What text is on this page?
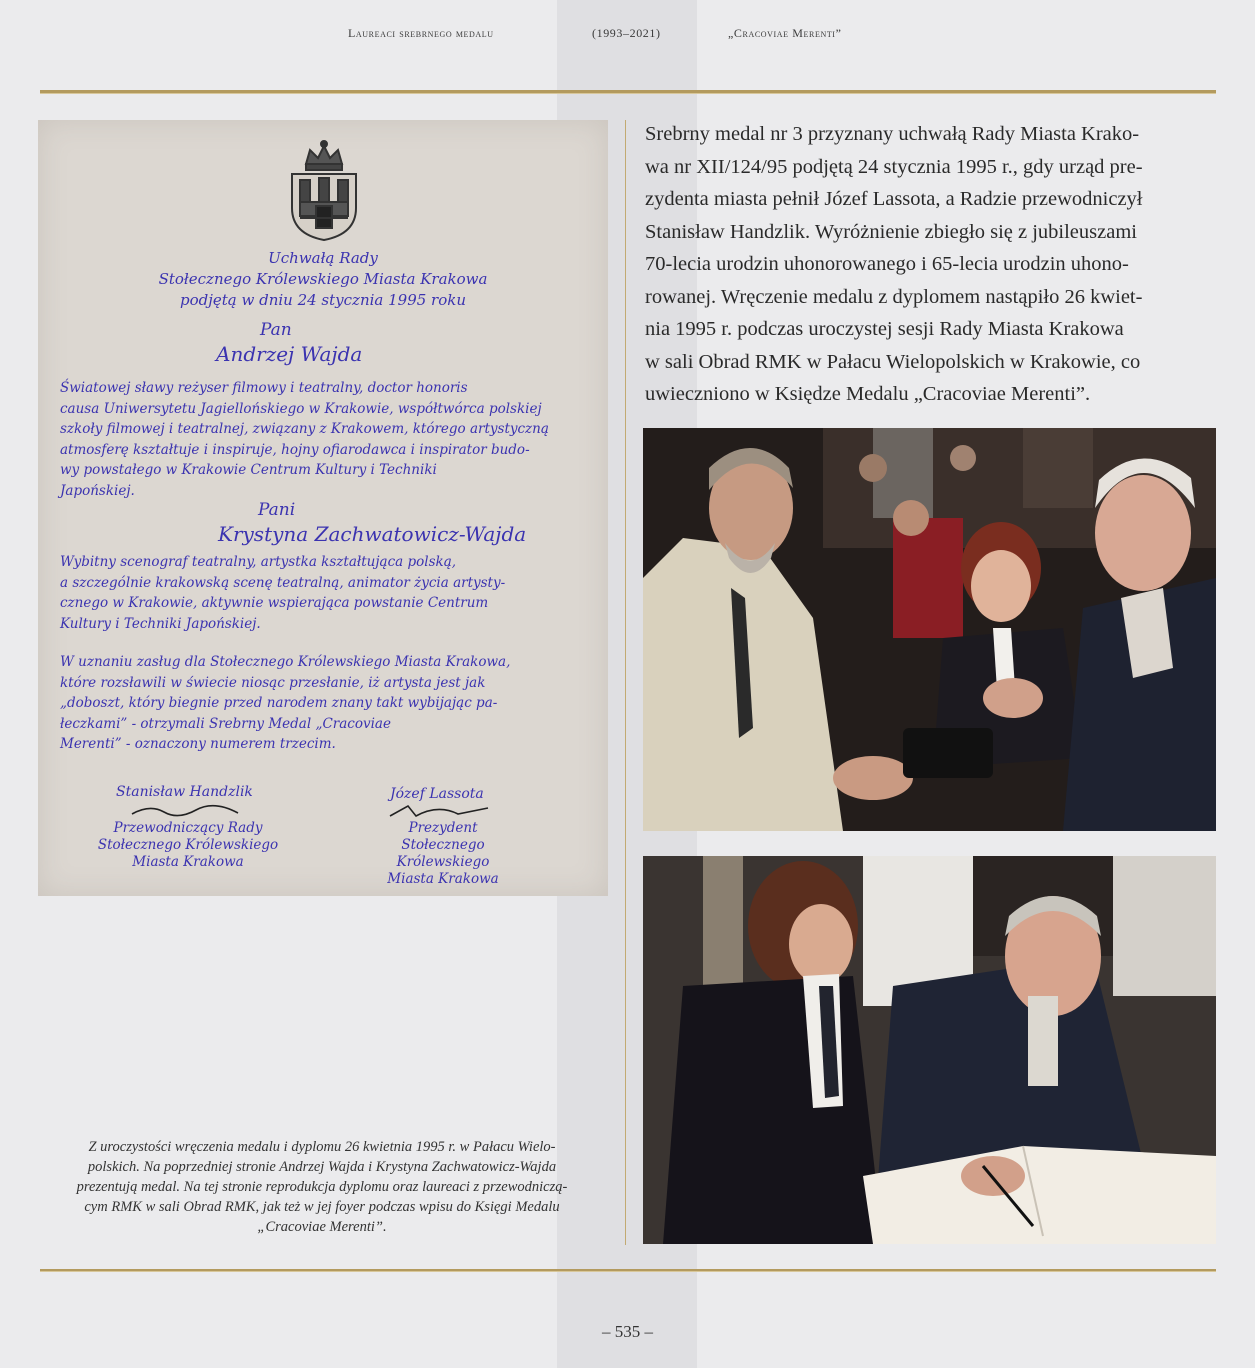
Laureaci srebrnego medalu	(1993–2021)	„Cracoviae Merenti”
Uchwałą Rady
Stołecznego Królewskiego Miasta Krakowa
podjętą w dniu 24 stycznia 1995 roku
Pan
Andrzej Wajda
Światowej sławy reżyser filmowy i teatralny, doctor honoris
causa Uniwersytetu Jagiellońskiego w Krakowie, współtwórca polskiej
szkoły filmowej i teatralnej, związany z Krakowem, którego artystyczną
atmosferę kształtuje i inspiruje, hojny ofiarodawca i inspirator budo-
wy powstałego w Krakowie Centrum Kultury i Techniki
Japońskiej.
Pani
Krystyna Zachwatowicz-Wajda
Wybitny scenograf teatralny, artystka kształtująca polską,
a szczególnie krakowską scenę teatralną, animator życia artysty-
cznego w Krakowie, aktywnie wspierająca powstanie Centrum
Kultury i Techniki Japońskiej.
W uznaniu zasług dla Stołecznego Królewskiego Miasta Krakowa,
które rozsławili w świecie niosąc przesłanie, iż artysta jest jak
„doboszt, który biegnie przed narodem znany takt wybijając pa-
łeczkami” - otrzymali Srebrny Medal „Cracoviae
Merenti” - oznaczony numerem trzecim.
Stanisław Handzlik
Przewodniczący Rady
Stołecznego Królewskiego
Miasta Krakowa
Józef Lassota
Prezydent
Stołecznego Królewskiego
Miasta Krakowa
Srebrny medal nr 3 przyznany uchwałą Rady Miasta Krako-
wa nr XII/124/95 podjętą 24 stycznia 1995 r., gdy urząd pre-
zydenta miasta pełnił Józef Lassota, a Radzie przewodniczył
Stanisław Handzlik. Wyróżnienie zbiegło się z jubileuszami
70-lecia urodzin uhonorowanego i 65-lecia urodzin uhono-
rowanej. Wręczenie medalu z dyplomem nastąpiło 26 kwiet-
nia 1995 r. podczas uroczystej sesji Rady Miasta Krakowa
w sali Obrad RMK w Pałacu Wielopolskich w Krakowie, co
uwieczniono w Księdze Medalu „Cracoviae Merenti”.
Z uroczystości wręczenia medalu i dyplomu 26 kwietnia 1995 r. w Pałacu Wielo-
polskich. Na poprzedniej stronie Andrzej Wajda i Krystyna Zachwatowicz-Wajda
prezentują medal. Na tej stronie reprodukcja dyplomu oraz laureaci z przewodniczą-
cym RMK w sali Obrad RMK, jak też w jej foyer podczas wpisu do Księgi Medalu
„Cracoviae Merenti”.
– 535 –
